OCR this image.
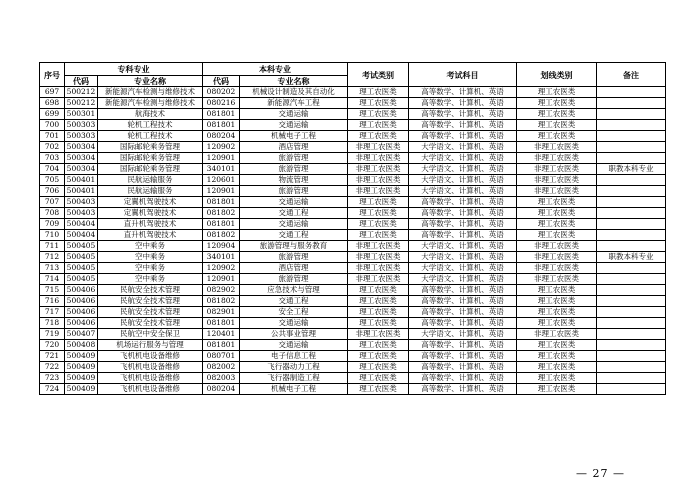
序号	专科专业		本科专业		考试类别	考试科目	划线类别	备注
	代码	专业名称	代码	专业名称				
697	500212	新能源汽车检测与维修技术	080202	机械设计制造及其自动化	理工农医类	高等数学、计算机、英语	理工农医类	
698	500212	新能源汽车检测与维修技术	080216	新能源汽车工程	理工农医类	高等数学、计算机、英语	理工农医类	
699	500301	航海技术	081801	交通运输	理工农医类	高等数学、计算机、英语	理工农医类	
700	500303	轮机工程技术	081801	交通运输	理工农医类	高等数学、计算机、英语	理工农医类	
701	500303	轮机工程技术	080204	机械电子工程	理工农医类	高等数学、计算机、英语	理工农医类	
702	500304	国际邮轮乘务管理	120902	酒店管理	非理工农医类	大学语文、计算机、英语	非理工农医类	
703	500304	国际邮轮乘务管理	120901	旅游管理	非理工农医类	大学语文、计算机、英语	非理工农医类	
704	500304	国际邮轮乘务管理	340101	旅游管理	非理工农医类	大学语文、计算机、英语	非理工农医类	职教本科专业
705	500401	民航运输服务	120601	物流管理	非理工农医类	大学语文、计算机、英语	非理工农医类	
706	500401	民航运输服务	120901	旅游管理	非理工农医类	大学语文、计算机、英语	非理工农医类	
707	500403	定翼机驾驶技术	081801	交通运输	理工农医类	高等数学、计算机、英语	理工农医类	
708	500403	定翼机驾驶技术	081802	交通工程	理工农医类	高等数学、计算机、英语	理工农医类	
709	500404	直升机驾驶技术	081801	交通运输	理工农医类	高等数学、计算机、英语	理工农医类	
710	500404	直升机驾驶技术	081802	交通工程	理工农医类	高等数学、计算机、英语	理工农医类	
711	500405	空中乘务	120904	旅游管理与服务教育	非理工农医类	大学语文、计算机、英语	非理工农医类	
712	500405	空中乘务	340101	旅游管理	非理工农医类	大学语文、计算机、英语	非理工农医类	职教本科专业
713	500405	空中乘务	120902	酒店管理	非理工农医类	大学语文、计算机、英语	非理工农医类	
714	500405	空中乘务	120901	旅游管理	非理工农医类	大学语文、计算机、英语	非理工农医类	
715	500406	民航安全技术管理	082902	应急技术与管理	理工农医类	高等数学、计算机、英语	理工农医类	
716	500406	民航安全技术管理	081802	交通工程	理工农医类	高等数学、计算机、英语	理工农医类	
717	500406	民航安全技术管理	082901	安全工程	理工农医类	高等数学、计算机、英语	理工农医类	
718	500406	民航安全技术管理	081801	交通运输	理工农医类	高等数学、计算机、英语	理工农医类	
719	500407	民航空中安全保卫	120401	公共事业管理	非理工农医类	大学语文、计算机、英语	非理工农医类	
720	500408	机场运行服务与管理	081801	交通运输	理工农医类	高等数学、计算机、英语	理工农医类	
721	500409	飞机机电设备维修	080701	电子信息工程	理工农医类	高等数学、计算机、英语	理工农医类	
722	500409	飞机机电设备维修	082002	飞行器动力工程	理工农医类	高等数学、计算机、英语	理工农医类	
723	500409	飞机机电设备维修	082003	飞行器制造工程	理工农医类	高等数学、计算机、英语	理工农医类	
724	500409	飞机机电设备维修	080204	机械电子工程	理工农医类	高等数学、计算机、英语	理工农医类	
— 27 —
